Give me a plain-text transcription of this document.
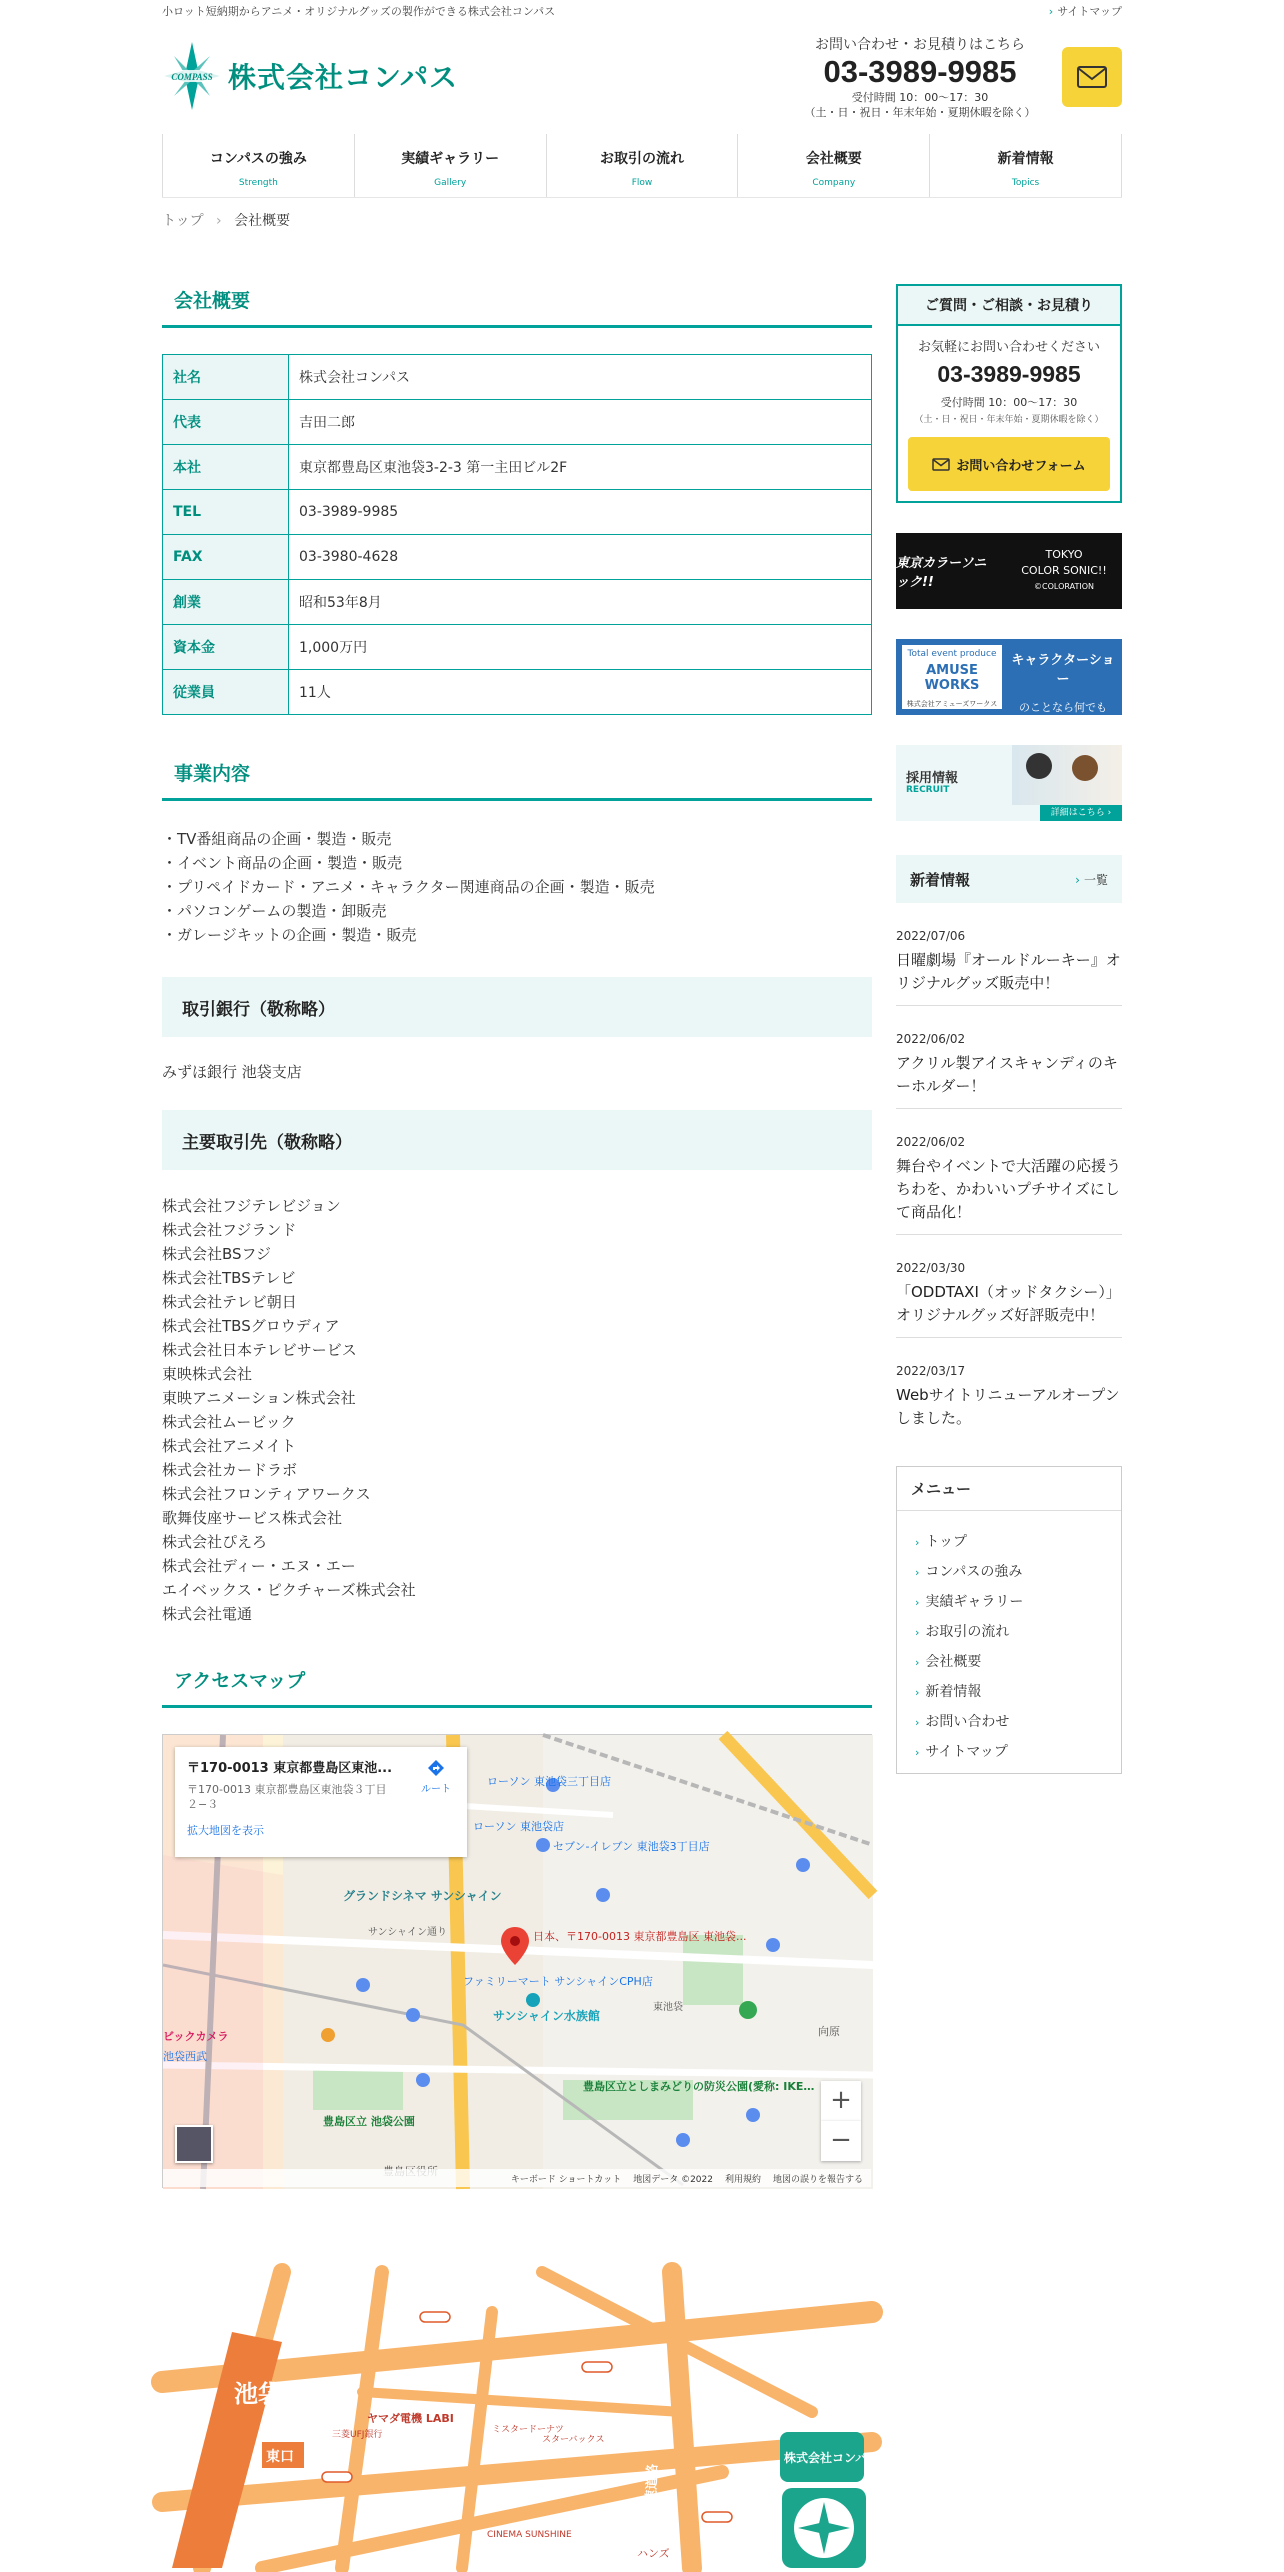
小ロット短納期からアニメ・オリジナルグッズの製作ができる株式会社コンパス	› サイトマップ
COMPASS 株式会社コンパス
お問い合わせ・お見積りはこちら
03-3989-9985
受付時間 10：00～17：30
（土・日・祝日・年末年始・夏期休暇を除く）
コンパスの強み
Strength
実績ギャラリー
Gallery
お取引の流れ
Flow
会社概要
Company
新着情報
Topics
トップ › 会社概要
会社概要
社名	株式会社コンパス
代表	吉田二郎
本社	東京都豊島区東池袋3-2-3 第一主田ビル2F
TEL	03-3989-9985
FAX	03-3980-4628
創業	昭和53年8月
資本金	1,000万円
従業員	11人
事業内容
・TV番組商品の企画・製造・販売
・イベント商品の企画・製造・販売
・プリペイドカード・アニメ・キャラクター関連商品の企画・製造・販売
・パソコンゲームの製造・卸販売
・ガレージキットの企画・製造・販売
取引銀行（敬称略）
みずほ銀行 池袋支店
主要取引先（敬称略）
株式会社フジテレビジョン
株式会社フジランド
株式会社BSフジ
株式会社TBSテレビ
株式会社テレビ朝日
株式会社TBSグロウディア
株式会社日本テレビサービス
東映株式会社
東映アニメーション株式会社
株式会社ムービック
株式会社アニメイト
株式会社カードラボ
株式会社フロンティアワークス
歌舞伎座サービス株式会社
株式会社ぴえろ
株式会社ディー・エヌ・エー
エイベックス・ピクチャーズ株式会社
株式会社電通
アクセスマップ
ローソン 東池袋三丁目店
ローソン 東池袋店
セブン-イレブン 東池袋3丁目店
グランドシネマ サンシャイン
サンシャイン通り
サンシャイン水族館
ファミリーマート サンシャインCPH店
豊島区立 池袋公園
豊島区立としまみどりの防災公園(愛称: IKE…
東池袋
向原
ビックカメラ
池袋西武
日本、〒170-0013 東京都豊島区 東池袋...
〒170-0013 東京都豊島区東池...
〒170-0013 東京都豊島区東池袋３丁目２−３
拡大地図を表示
ルート
+
−
キーボード ショートカット 地図データ ©2022 利用規約 地図の誤りを報告する
池袋駅
東口
ヤマダ電機 LABI
三菱UFJ銀行	ミスタードーナツ
スターバックス
首都高速道路
サンシャイン60通り
CINEMA SUNSHINE
ハンズ
株式会社コンパス
ご質問・ご相談・お見積り
お気軽にお問い合わせください
03-3989-9985
受付時間 10：00～17：30
（土・日・祝日・年末年始・夏期休暇を除く）
お問い合わせフォーム
東京カラーソニック!!
TOKYO
COLOR SONIC!!
©COLORATION
Total event produce
AMUSE WORKS
株式会社アミューズワークス
キャラクターショー
のことなら何でも
お任せください！
採用情報
RECRUIT
詳細はこちら ›
新着情報	› 一覧
2022/07/06
日曜劇場『オールドルーキー』オリジナルグッズ販売中！
2022/06/02
アクリル製アイスキャンディのキーホルダー！
2022/06/02
舞台やイベントで大活躍の応援うちわを、かわいいプチサイズにして商品化！
2022/03/30
「ODDTAXI（オッドタクシー）」オリジナルグッズ好評販売中！
2022/03/17
Webサイトリニューアルオープンしました。
メニュー
› トップ
› コンパスの強み
› 実績ギャラリー
› お取引の流れ
› 会社概要
› 新着情報
› お問い合わせ
› サイトマップ
